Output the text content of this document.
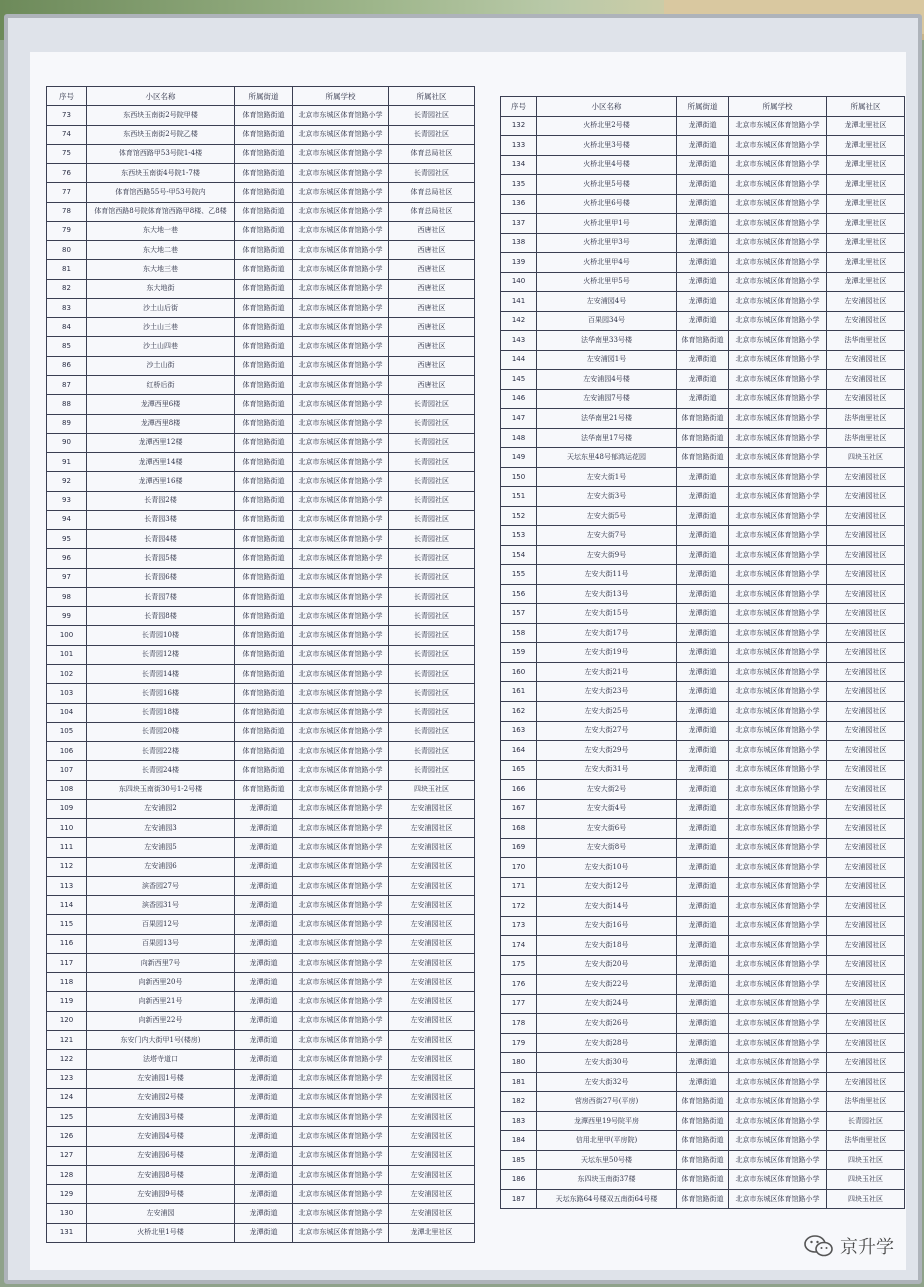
序号	小区名称	所属街道	所属学校	所属社区
73	东西块玉南街2号院甲楼	体育馆路街道	北京市东城区体育馆路小学	长青园社区
74	东西块玉南街2号院乙楼	体育馆路街道	北京市东城区体育馆路小学	长青园社区
75	体育馆西路甲53号院1-4楼	体育馆路街道	北京市东城区体育馆路小学	体育总局社区
76	东西块玉南街4号院1-7楼	体育馆路街道	北京市东城区体育馆路小学	长青园社区
77	体育馆西路55号-甲53号院内	体育馆路街道	北京市东城区体育馆路小学	体育总局社区
78	体育馆西路8号院体育馆西路甲8楼、乙8楼	体育馆路街道	北京市东城区体育馆路小学	体育总局社区
79	东大地一巷	体育馆路街道	北京市东城区体育馆路小学	西唐社区
80	东大地二巷	体育馆路街道	北京市东城区体育馆路小学	西唐社区
81	东大地三巷	体育馆路街道	北京市东城区体育馆路小学	西唐社区
82	东大地街	体育馆路街道	北京市东城区体育馆路小学	西唐社区
83	沙土山后街	体育馆路街道	北京市东城区体育馆路小学	西唐社区
84	沙土山三巷	体育馆路街道	北京市东城区体育馆路小学	西唐社区
85	沙土山四巷	体育馆路街道	北京市东城区体育馆路小学	西唐社区
86	沙土山街	体育馆路街道	北京市东城区体育馆路小学	西唐社区
87	红桥后街	体育馆路街道	北京市东城区体育馆路小学	西唐社区
88	龙潭西里6楼	体育馆路街道	北京市东城区体育馆路小学	长青园社区
89	龙潭西里8楼	体育馆路街道	北京市东城区体育馆路小学	长青园社区
90	龙潭西里12楼	体育馆路街道	北京市东城区体育馆路小学	长青园社区
91	龙潭西里14楼	体育馆路街道	北京市东城区体育馆路小学	长青园社区
92	龙潭西里16楼	体育馆路街道	北京市东城区体育馆路小学	长青园社区
93	长青园2楼	体育馆路街道	北京市东城区体育馆路小学	长青园社区
94	长青园3楼	体育馆路街道	北京市东城区体育馆路小学	长青园社区
95	长青园4楼	体育馆路街道	北京市东城区体育馆路小学	长青园社区
96	长青园5楼	体育馆路街道	北京市东城区体育馆路小学	长青园社区
97	长青园6楼	体育馆路街道	北京市东城区体育馆路小学	长青园社区
98	长青园7楼	体育馆路街道	北京市东城区体育馆路小学	长青园社区
99	长青园8楼	体育馆路街道	北京市东城区体育馆路小学	长青园社区
100	长青园10楼	体育馆路街道	北京市东城区体育馆路小学	长青园社区
101	长青园12楼	体育馆路街道	北京市东城区体育馆路小学	长青园社区
102	长青园14楼	体育馆路街道	北京市东城区体育馆路小学	长青园社区
103	长青园16楼	体育馆路街道	北京市东城区体育馆路小学	长青园社区
104	长青园18楼	体育馆路街道	北京市东城区体育馆路小学	长青园社区
105	长青园20楼	体育馆路街道	北京市东城区体育馆路小学	长青园社区
106	长青园22楼	体育馆路街道	北京市东城区体育馆路小学	长青园社区
107	长青园24楼	体育馆路街道	北京市东城区体育馆路小学	长青园社区
108	东四块玉南街30号1-2号楼	体育馆路街道	北京市东城区体育馆路小学	四块玉社区
109	左安浦园2	龙潭街道	北京市东城区体育馆路小学	左安浦园社区
110	左安浦园3	龙潭街道	北京市东城区体育馆路小学	左安浦园社区
111	左安浦园5	龙潭街道	北京市东城区体育馆路小学	左安浦园社区
112	左安浦园6	龙潭街道	北京市东城区体育馆路小学	左安浦园社区
113	滨香园27号	龙潭街道	北京市东城区体育馆路小学	左安浦园社区
114	滨香园31号	龙潭街道	北京市东城区体育馆路小学	左安浦园社区
115	百果园12号	龙潭街道	北京市东城区体育馆路小学	左安浦园社区
116	百果园13号	龙潭街道	北京市东城区体育馆路小学	左安浦园社区
117	向新西里7号	龙潭街道	北京市东城区体育馆路小学	左安浦园社区
118	向新西里20号	龙潭街道	北京市东城区体育馆路小学	左安浦园社区
119	向新西里21号	龙潭街道	北京市东城区体育馆路小学	左安浦园社区
120	向新西里22号	龙潭街道	北京市东城区体育馆路小学	左安浦园社区
121	东安门内大街甲1号(楼房)	龙潭街道	北京市东城区体育馆路小学	左安浦园社区
122	法塔寺道口	龙潭街道	北京市东城区体育馆路小学	左安浦园社区
123	左安浦园1号楼	龙潭街道	北京市东城区体育馆路小学	左安浦园社区
124	左安浦园2号楼	龙潭街道	北京市东城区体育馆路小学	左安浦园社区
125	左安浦园3号楼	龙潭街道	北京市东城区体育馆路小学	左安浦园社区
126	左安浦园4号楼	龙潭街道	北京市东城区体育馆路小学	左安浦园社区
127	左安浦园6号楼	龙潭街道	北京市东城区体育馆路小学	左安浦园社区
128	左安浦园8号楼	龙潭街道	北京市东城区体育馆路小学	左安浦园社区
129	左安浦园9号楼	龙潭街道	北京市东城区体育馆路小学	左安浦园社区
130	左安浦园	龙潭街道	北京市东城区体育馆路小学	左安浦园社区
131	火桥北里1号楼	龙潭街道	北京市东城区体育馆路小学	龙潭北里社区
序号	小区名称	所属街道	所属学校	所属社区
132	火桥北里2号楼	龙潭街道	北京市东城区体育馆路小学	龙潭北里社区
133	火桥北里3号楼	龙潭街道	北京市东城区体育馆路小学	龙潭北里社区
134	火桥北里4号楼	龙潭街道	北京市东城区体育馆路小学	龙潭北里社区
135	火桥北里5号楼	龙潭街道	北京市东城区体育馆路小学	龙潭北里社区
136	火桥北里6号楼	龙潭街道	北京市东城区体育馆路小学	龙潭北里社区
137	火桥北里甲1号	龙潭街道	北京市东城区体育馆路小学	龙潭北里社区
138	火桥北里甲3号	龙潭街道	北京市东城区体育馆路小学	龙潭北里社区
139	火桥北里甲4号	龙潭街道	北京市东城区体育馆路小学	龙潭北里社区
140	火桥北里甲5号	龙潭街道	北京市东城区体育馆路小学	龙潭北里社区
141	左安浦园4号	龙潭街道	北京市东城区体育馆路小学	左安浦园社区
142	百果园34号	龙潭街道	北京市东城区体育馆路小学	左安浦园社区
143	法华南里33号楼	体育馆路街道	北京市东城区体育馆路小学	法华南里社区
144	左安浦园1号	龙潭街道	北京市东城区体育馆路小学	左安浦园社区
145	左安浦园4号楼	龙潭街道	北京市东城区体育馆路小学	左安浦园社区
146	左安浦园7号楼	龙潭街道	北京市东城区体育馆路小学	左安浦园社区
147	法华南里21号楼	体育馆路街道	北京市东城区体育馆路小学	法华南里社区
148	法华南里17号楼	体育馆路街道	北京市东城区体育馆路小学	法华南里社区
149	天坛东里48号郁鸿运花园	体育馆路街道	北京市东城区体育馆路小学	四块玉社区
150	左安大街1号	龙潭街道	北京市东城区体育馆路小学	左安浦园社区
151	左安大街3号	龙潭街道	北京市东城区体育馆路小学	左安浦园社区
152	左安大街5号	龙潭街道	北京市东城区体育馆路小学	左安浦园社区
153	左安大街7号	龙潭街道	北京市东城区体育馆路小学	左安浦园社区
154	左安大街9号	龙潭街道	北京市东城区体育馆路小学	左安浦园社区
155	左安大街11号	龙潭街道	北京市东城区体育馆路小学	左安浦园社区
156	左安大街13号	龙潭街道	北京市东城区体育馆路小学	左安浦园社区
157	左安大街15号	龙潭街道	北京市东城区体育馆路小学	左安浦园社区
158	左安大街17号	龙潭街道	北京市东城区体育馆路小学	左安浦园社区
159	左安大街19号	龙潭街道	北京市东城区体育馆路小学	左安浦园社区
160	左安大街21号	龙潭街道	北京市东城区体育馆路小学	左安浦园社区
161	左安大街23号	龙潭街道	北京市东城区体育馆路小学	左安浦园社区
162	左安大街25号	龙潭街道	北京市东城区体育馆路小学	左安浦园社区
163	左安大街27号	龙潭街道	北京市东城区体育馆路小学	左安浦园社区
164	左安大街29号	龙潭街道	北京市东城区体育馆路小学	左安浦园社区
165	左安大街31号	龙潭街道	北京市东城区体育馆路小学	左安浦园社区
166	左安大街2号	龙潭街道	北京市东城区体育馆路小学	左安浦园社区
167	左安大街4号	龙潭街道	北京市东城区体育馆路小学	左安浦园社区
168	左安大街6号	龙潭街道	北京市东城区体育馆路小学	左安浦园社区
169	左安大街8号	龙潭街道	北京市东城区体育馆路小学	左安浦园社区
170	左安大街10号	龙潭街道	北京市东城区体育馆路小学	左安浦园社区
171	左安大街12号	龙潭街道	北京市东城区体育馆路小学	左安浦园社区
172	左安大街14号	龙潭街道	北京市东城区体育馆路小学	左安浦园社区
173	左安大街16号	龙潭街道	北京市东城区体育馆路小学	左安浦园社区
174	左安大街18号	龙潭街道	北京市东城区体育馆路小学	左安浦园社区
175	左安大街20号	龙潭街道	北京市东城区体育馆路小学	左安浦园社区
176	左安大街22号	龙潭街道	北京市东城区体育馆路小学	左安浦园社区
177	左安大街24号	龙潭街道	北京市东城区体育馆路小学	左安浦园社区
178	左安大街26号	龙潭街道	北京市东城区体育馆路小学	左安浦园社区
179	左安大街28号	龙潭街道	北京市东城区体育馆路小学	左安浦园社区
180	左安大街30号	龙潭街道	北京市东城区体育馆路小学	左安浦园社区
181	左安大街32号	龙潭街道	北京市东城区体育馆路小学	左安浦园社区
182	营房西街27号(平房)	体育馆路街道	北京市东城区体育馆路小学	法华南里社区
183	龙潭西里19号院平房	体育馆路街道	北京市东城区体育馆路小学	长青园社区
184	信用北里甲(平房院)	体育馆路街道	北京市东城区体育馆路小学	法华南里社区
185	天坛东里50号楼	体育馆路街道	北京市东城区体育馆路小学	四块玉社区
186	东四块玉南街37楼	体育馆路街道	北京市东城区体育馆路小学	四块玉社区
187	天坛东路64号楼双五南街64号楼	体育馆路街道	北京市东城区体育馆路小学	四块玉社区
京升学
